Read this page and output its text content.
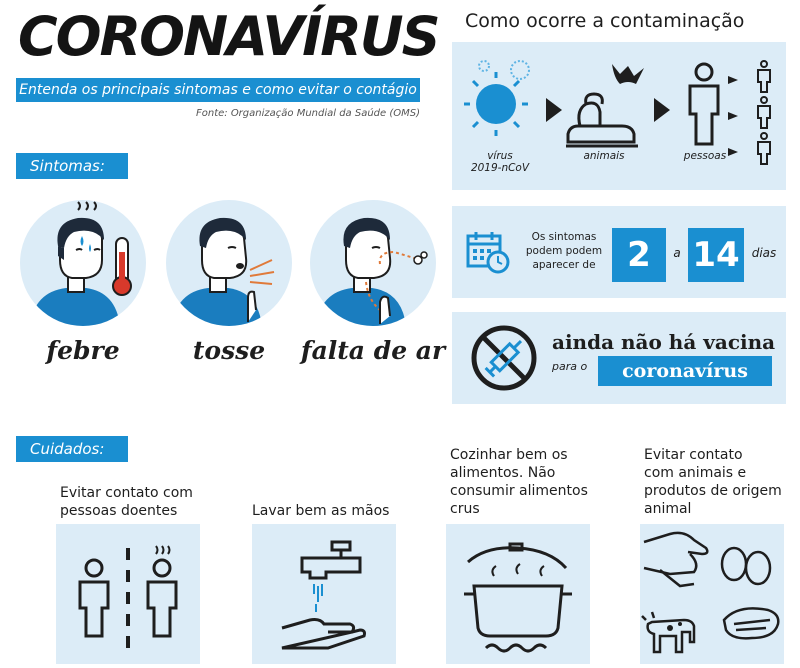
CORONAVÍRUS
Entenda os principais sintomas e como evitar o contágio
Fonte: Organização Mundial da Saúde (OMS)
Sintomas:
febre	tosse	falta de ar
Como ocorre a contaminação
vírus
2019-nCoV
animais	pessoas
Os sintomas
podem podem
aparecer de 2	a 14	dias
ainda não há vacina
para o	coronavírus
Cuidados:
Evitar contato com
pessoas doentes	Lavar bem as mãos
Cozinhar bem os
alimentos. Não
consumir alimentos
crus
Evitar contato
com animais e
produtos de origem
animal
